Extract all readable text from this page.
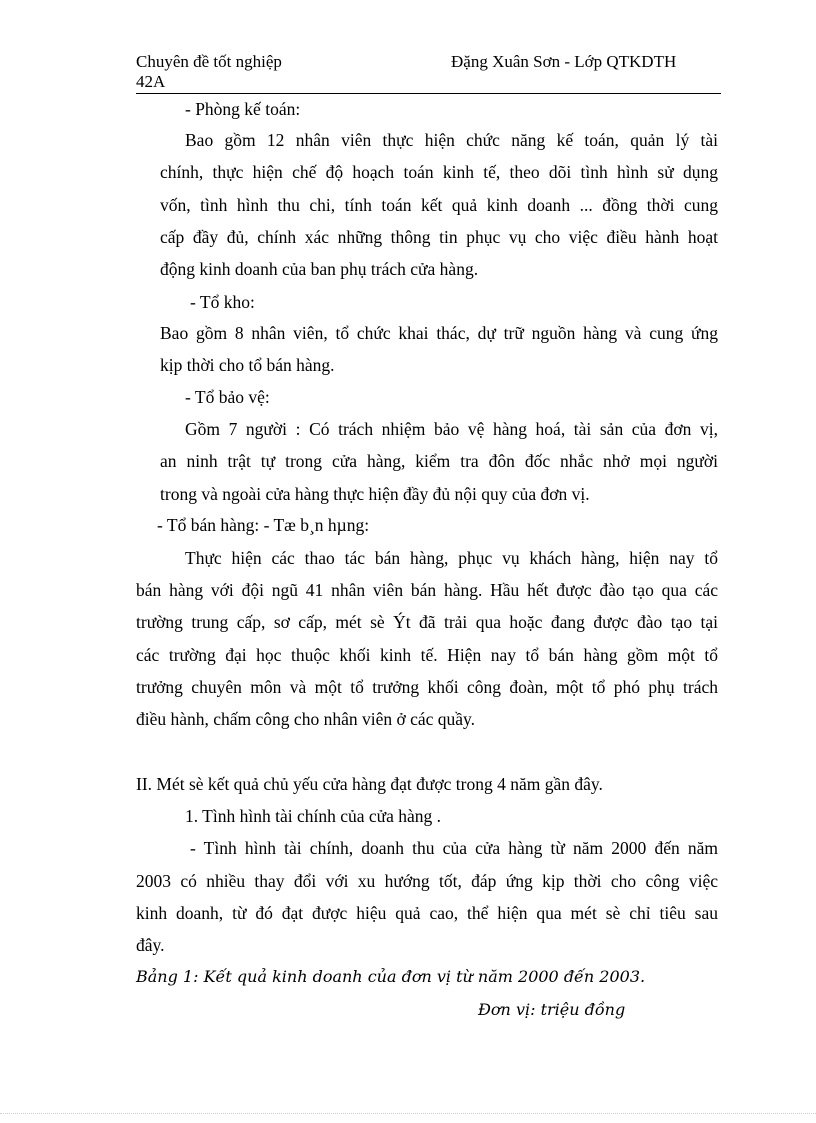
Chuyên đề tốt nghiệp
42A
Đặng Xuân Sơn - Lớp QTKDTH
- Phòng kế toán:
Bao gồm 12 nhân viên thực hiện chức năng kế toán, quản lý tài
chính, thực hiện chế độ hoạch toán kinh tế, theo dõi tình hình sử dụng
vốn, tình hình thu chi, tính toán kết quả kinh doanh ... đồng thời cung
cấp đầy đủ, chính xác những thông tin phục vụ cho việc điều hành hoạt
động kinh doanh của ban phụ trách cửa hàng.
- Tổ kho:
Bao gồm 8 nhân viên, tổ chức khai thác, dự trữ nguồn hàng và cung ứng
kịp thời cho tổ bán hàng.
- Tổ bảo vệ:
Gồm 7 người : Có trách nhiệm bảo vệ hàng hoá, tài sản của đơn vị,
an ninh trật tự trong cửa hàng, kiểm tra đôn đốc nhắc nhở mọi người
trong và ngoài cửa hàng thực hiện đầy đủ nội quy của đơn vị.
- Tổ bán hàng: - Tæ b¸n hµng:
Thực hiện các thao tác bán hàng, phục vụ khách hàng, hiện nay tổ
bán hàng với đội ngũ 41 nhân viên bán hàng. Hầu hết được đào tạo qua các
trường trung cấp, sơ cấp, mét sè Ýt đã trải qua hoặc đang được đào tạo tại
các trường đại học thuộc khối kinh tế. Hiện nay tổ bán hàng gồm một tổ
trưởng chuyên môn và một tổ trưởng khối công đoàn, một tổ phó phụ trách
điều hành, chấm công cho nhân viên ở các quầy.
II. Mét sè kết quả chủ yếu cửa hàng đạt được trong 4 năm gần đây.
1. Tình hình tài chính của cửa hàng .
- Tình hình tài chính, doanh thu của cửa hàng từ năm 2000 đến năm
2003 có nhiều thay đổi với xu hướng tốt, đáp ứng kịp thời cho công việc
kinh doanh, từ đó đạt được hiệu quả cao, thể hiện qua mét sè chỉ tiêu sau
đây.
Bảng 1: Kết quả kinh doanh của đơn vị từ năm 2000 đến 2003.
Đơn vị: triệu đồng
